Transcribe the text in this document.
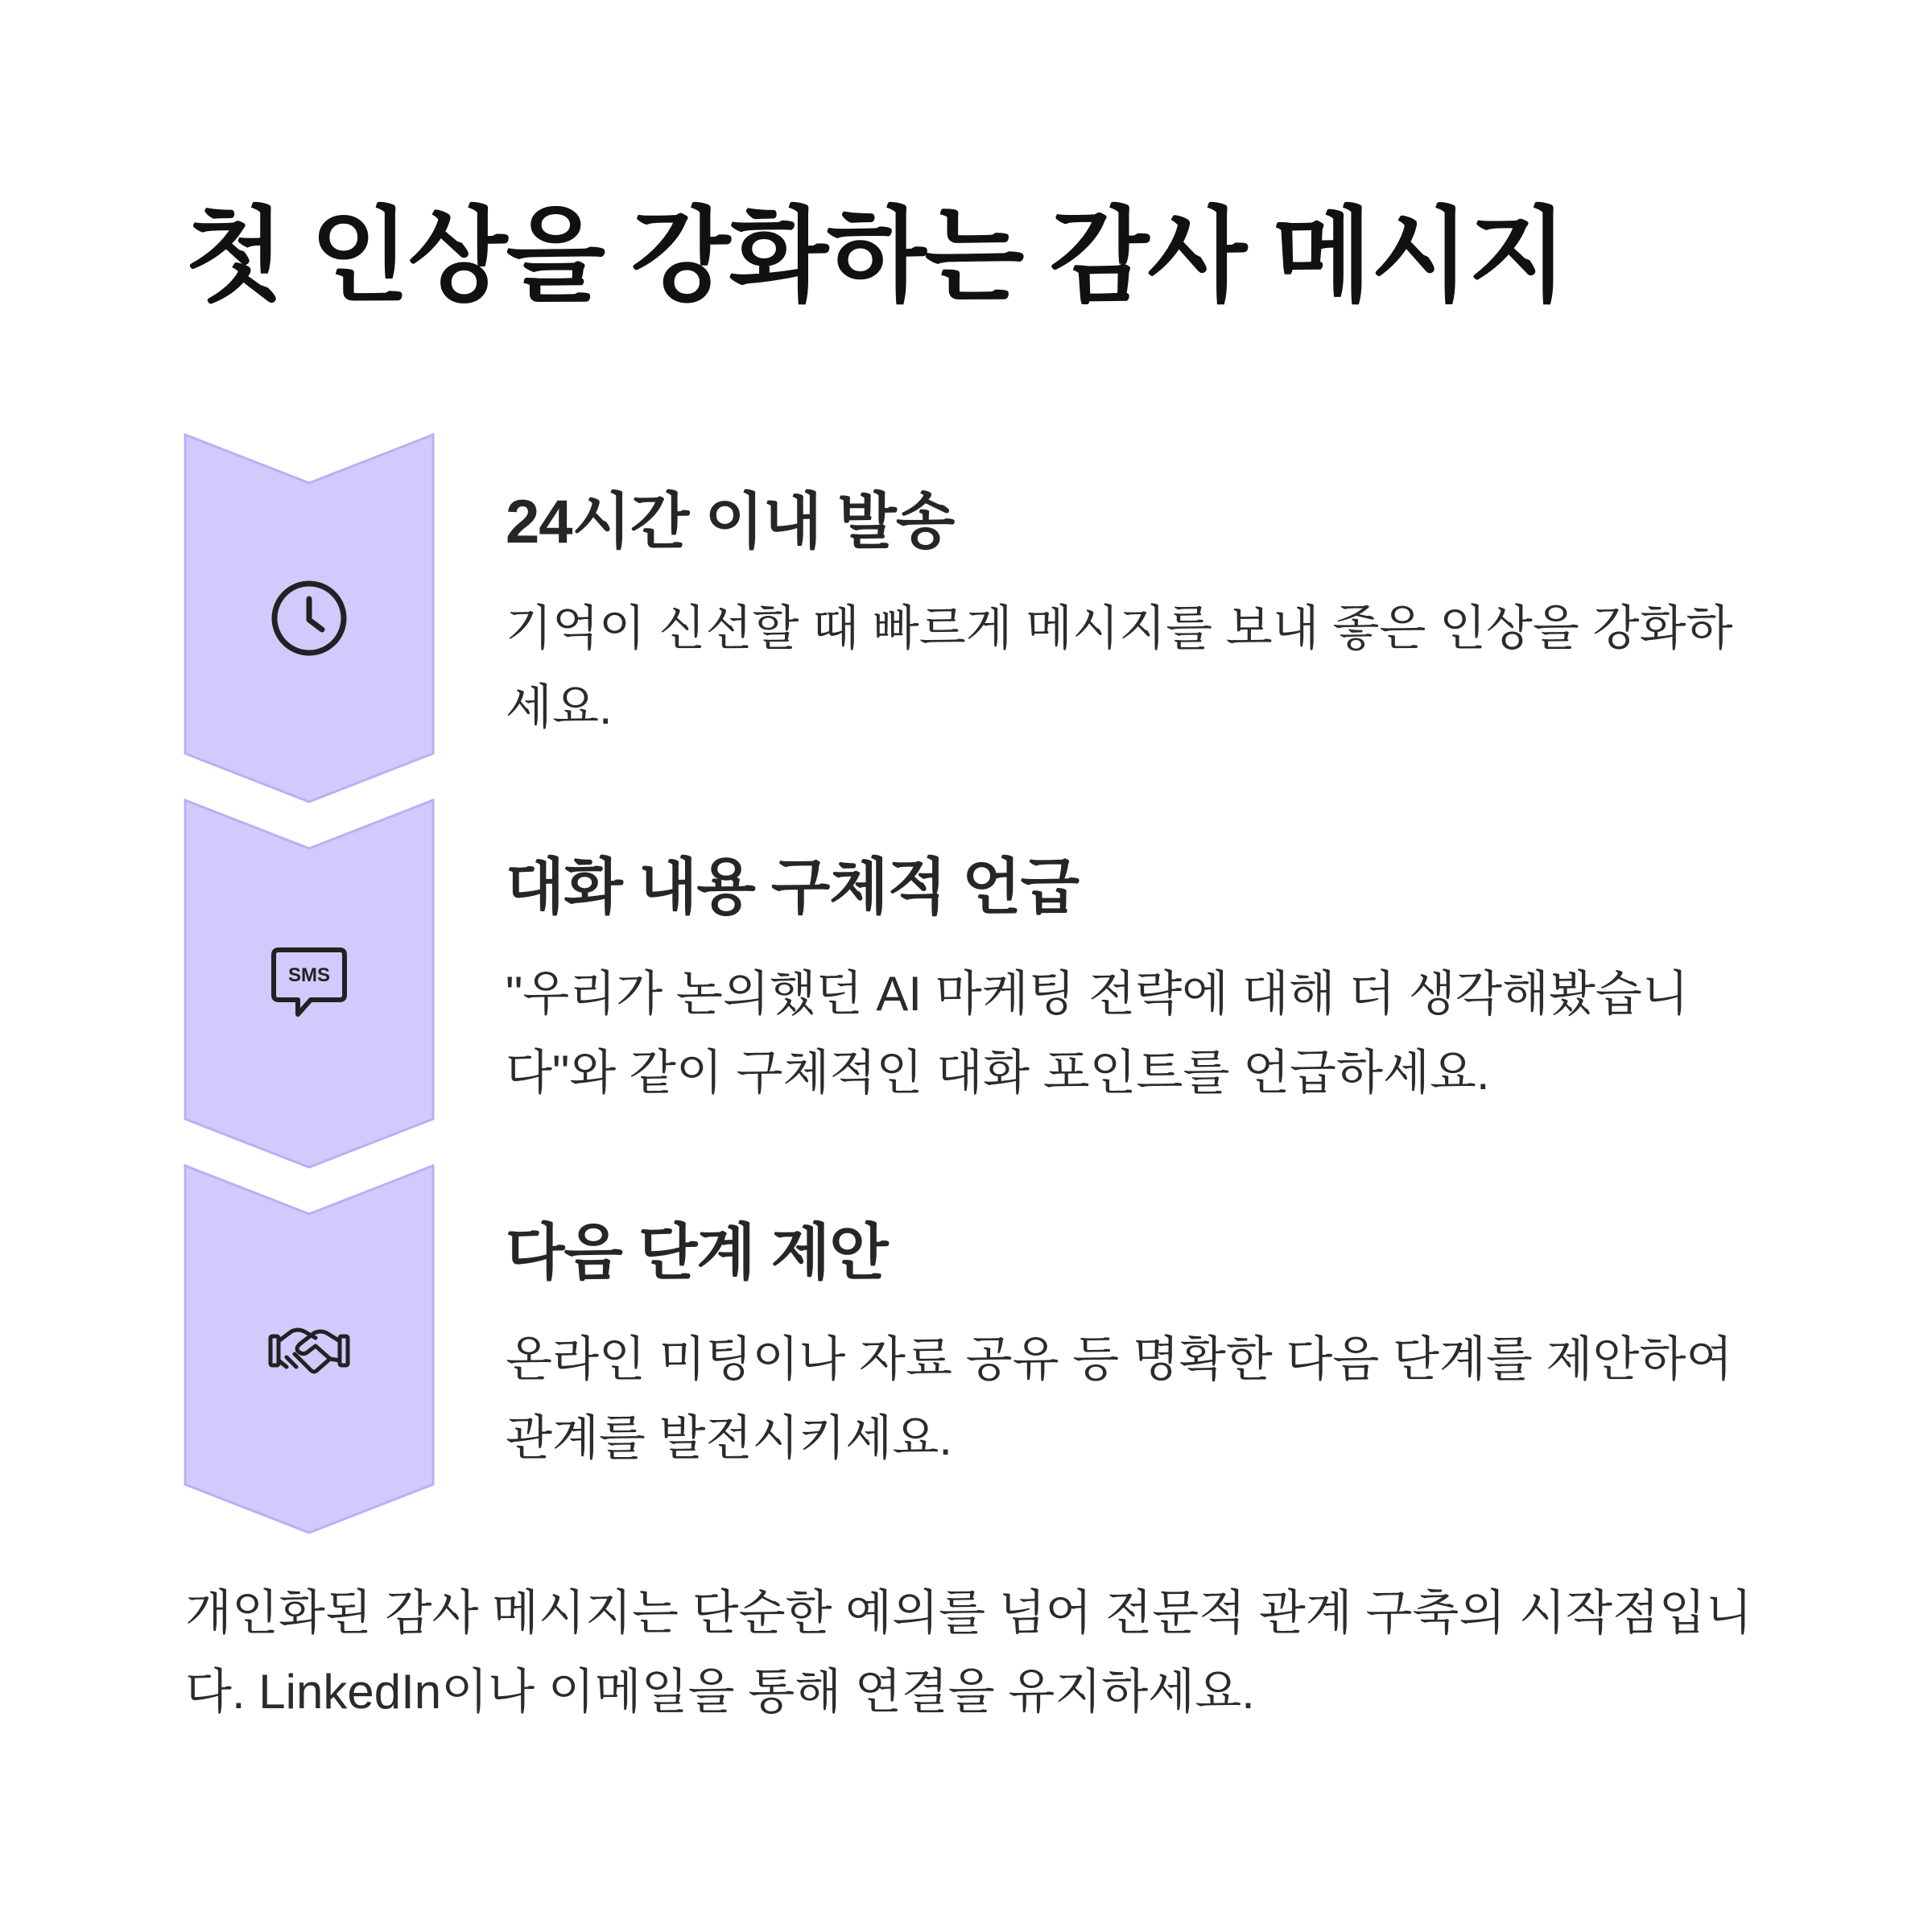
첫 인상을 강화하는 감사 메시지
24시간 이내 발송

기억이 신선할 때 빠르게 메시지를 보내 좋은 인상을 강화하세요.

SMS
대화 내용 구체적 언급

"우리가 논의했던 AI 마케팅 전략에 대해 더 생각해봤습니다"와 같이 구체적인 대화 포인트를 언급하세요.

다음 단계 제안

온라인 미팅이나 자료 공유 등 명확한 다음 단계를 제안하여 관계를 발전시키세요.

개인화된 감사 메시지는 단순한 예의를 넘어 전문적 관계 구축의 시작점입니다. LinkedIn이나 이메일을 통해 연결을 유지하세요.
